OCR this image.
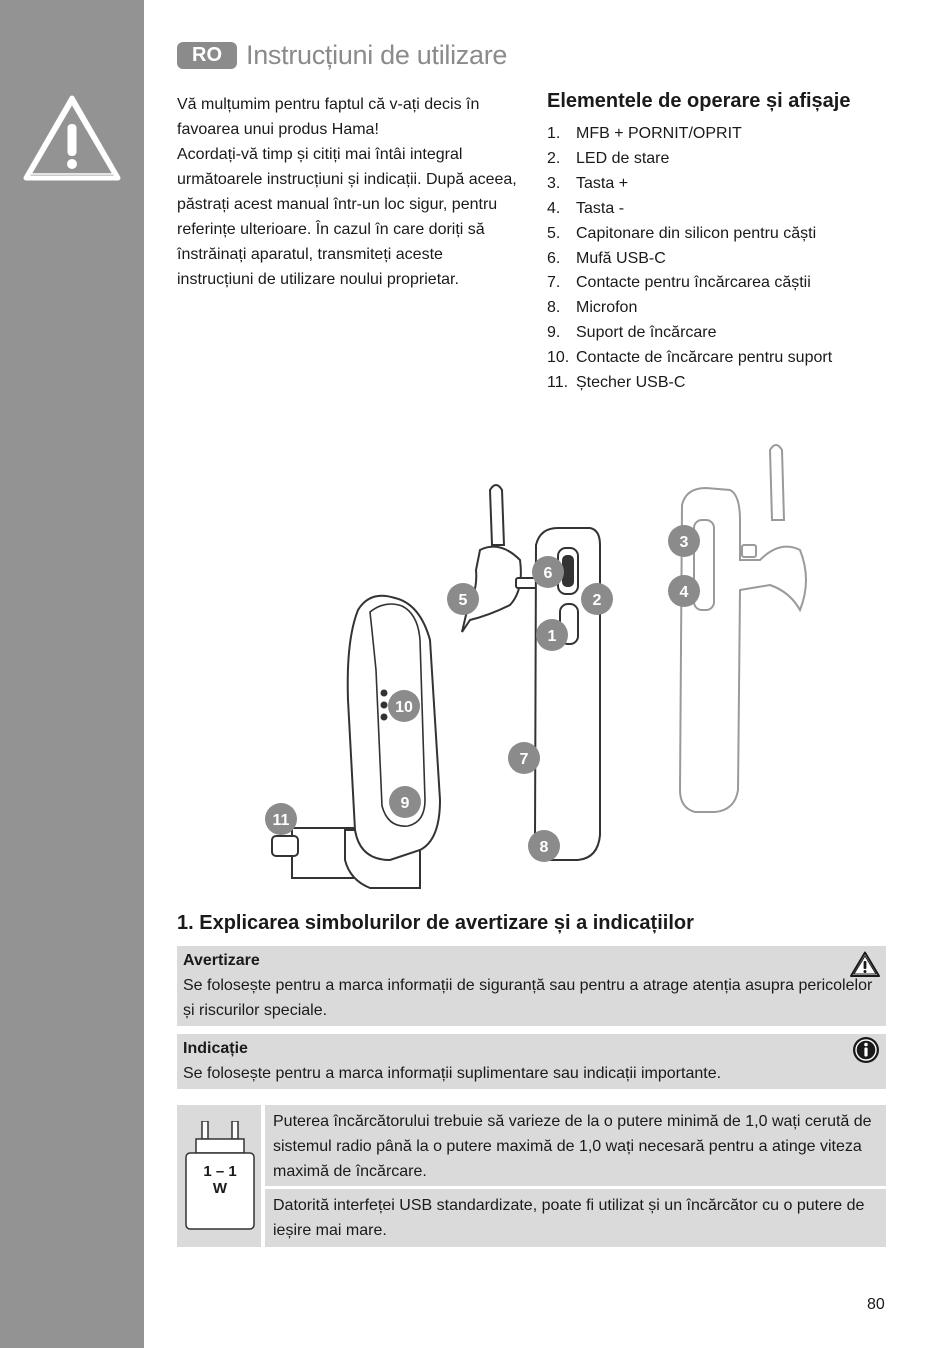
RO Instrucțiuni de utilizare

Vă mulțumim pentru faptul că v-ați decis în favoarea unui produs Hama!

Acordați-vă timp și citiți mai întâi integral următoarele instrucțiuni și indicații. După aceea, păstrați acest manual într-un loc sigur, pentru referințe ulterioare. În cazul în care doriți să înstrăinați aparatul, transmiteți aceste instrucțiuni de utilizare noului proprietar.

Elementele de operare și afișaje
1. MFB + PORNIT/OPRIT
2. LED de stare
3. Tasta +
4. Tasta -
5. Capitonare din silicon pentru căști
6. Mufă USB-C
7. Contacte pentru încărcarea căștii
8. Microfon
9. Suport de încărcare
10. Contacte de încărcare pentru suport
11. Ștecher USB-C
1
2
3
4
5
6
7
8
9
10
11
1. Explicarea simbolurilor de avertizare și a indicațiilor
Avertizare
Se folosește pentru a marca informații de siguranță sau pentru a atrage atenția asupra pericolelor și riscurilor speciale.
Indicație
Se folosește pentru a marca informații suplimentare sau indicații importante.
1 – 1
W
Puterea încărcătorului trebuie să varieze de la o putere minimă de 1,0 wați cerută de sistemul radio până la o putere maximă de 1,0 wați necesară pentru a atinge viteza maximă de încărcare.
Datorită interfeței USB standardizate, poate fi utilizat și un încărcător cu o putere de ieșire mai mare.
80
